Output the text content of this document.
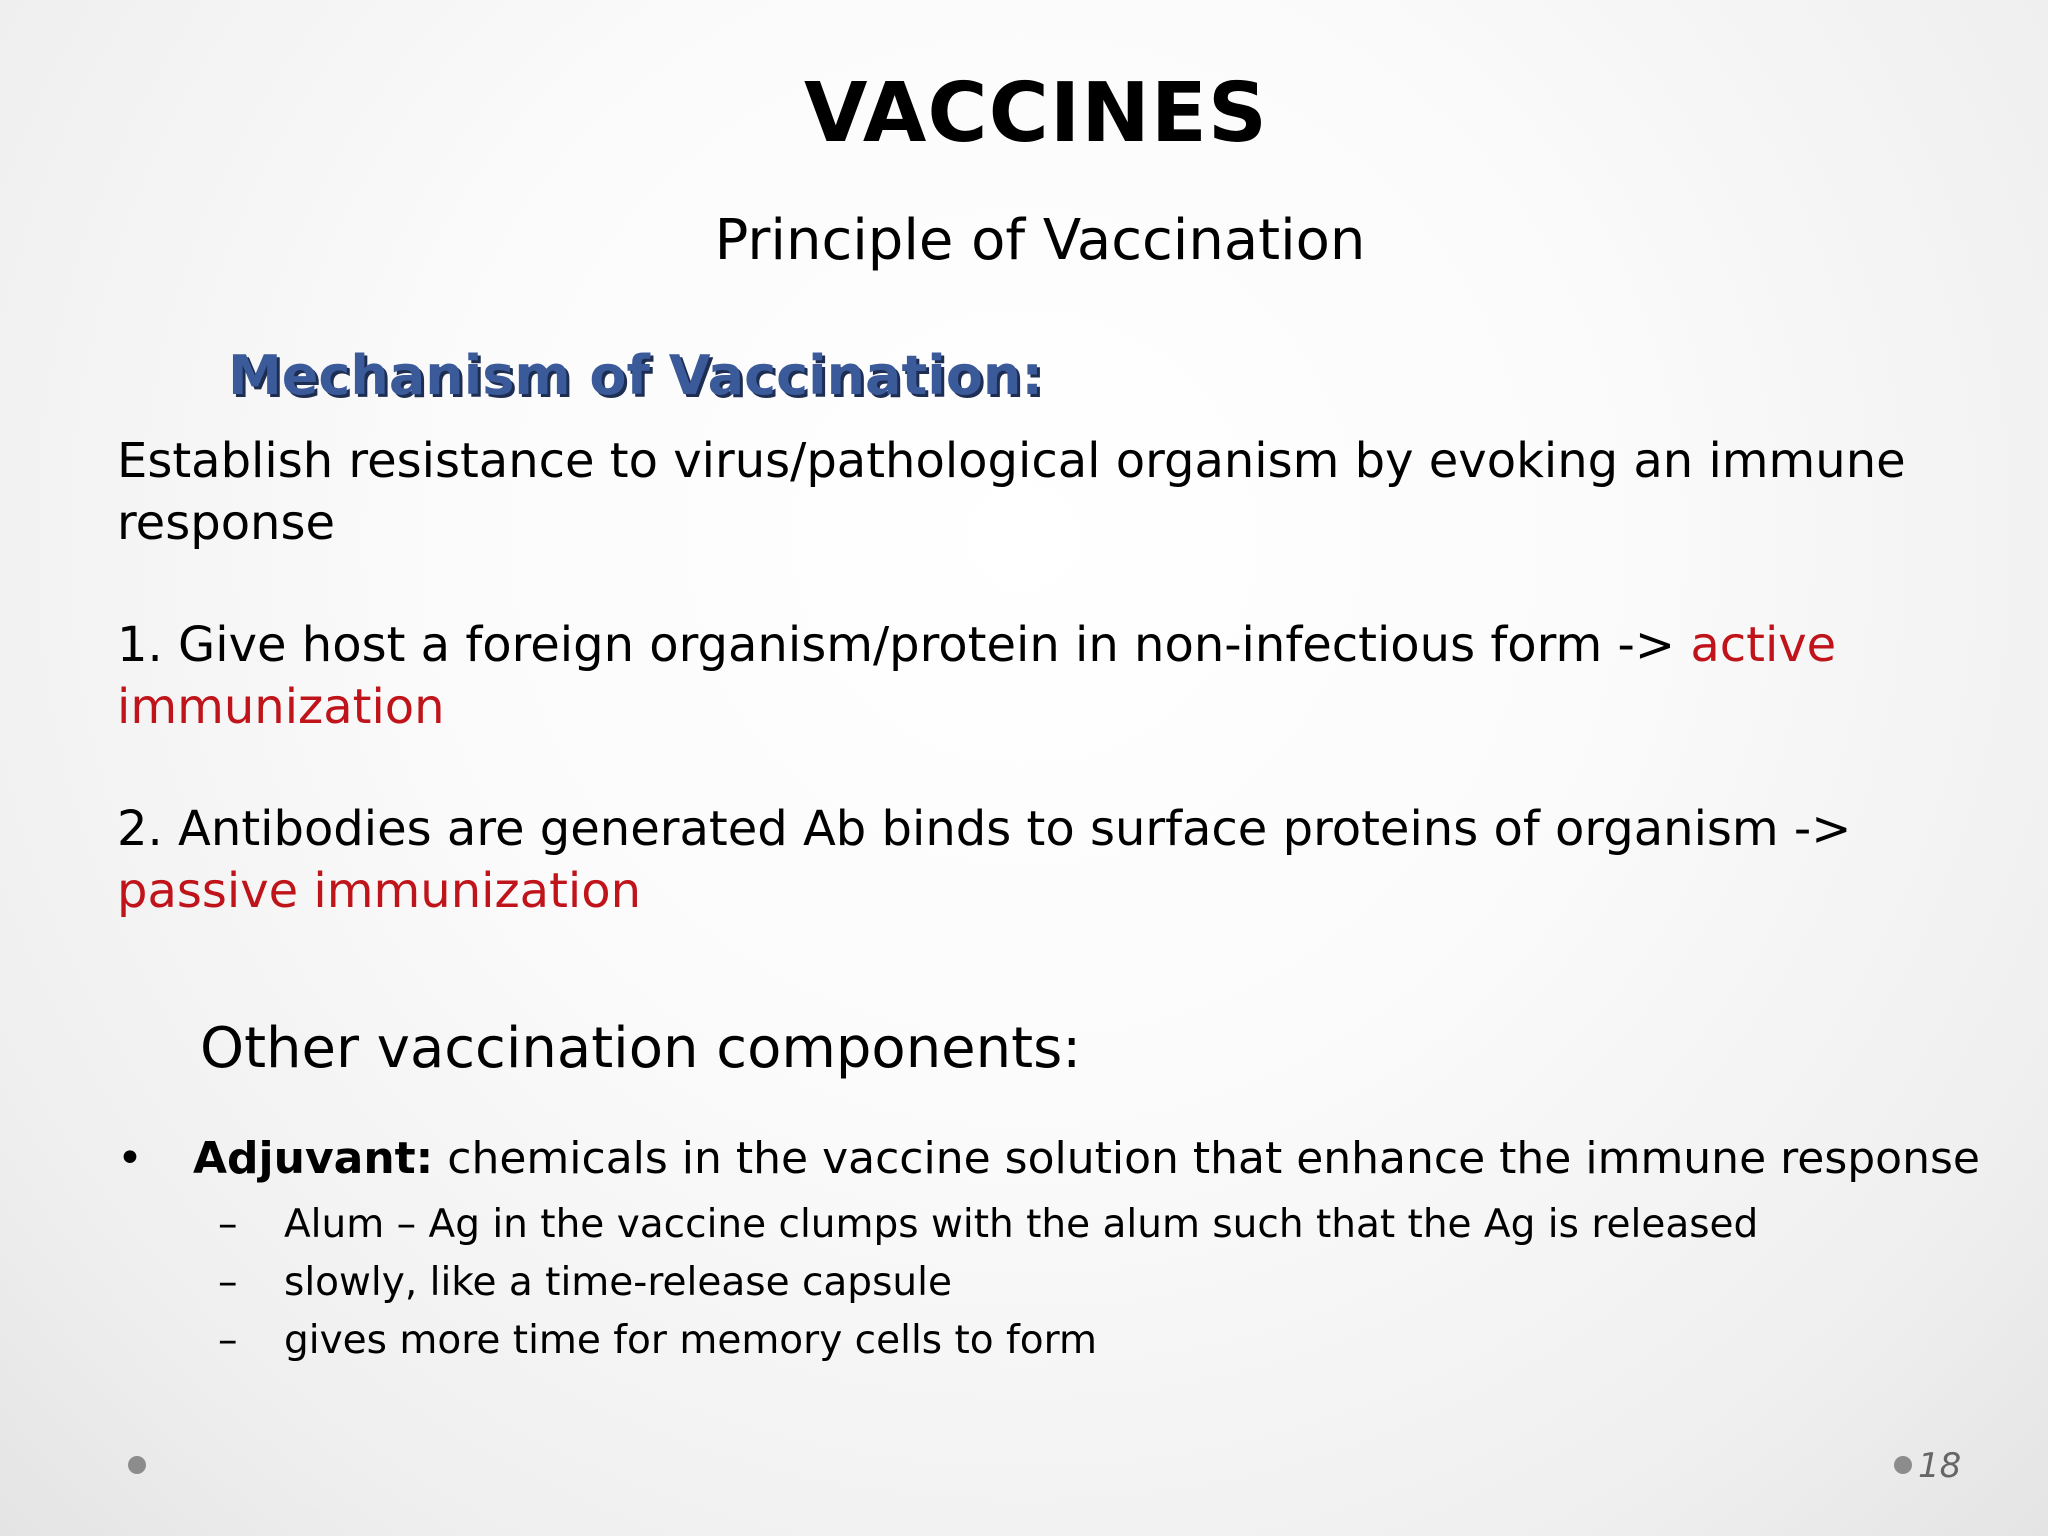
VACCINES
Principle of Vaccination
Mechanism of Vaccination:
Establish resistance to virus/pathological organism by evoking an immune response
1. Give host a foreign organism/protein in non-infectious form -> active immunization
2. Antibodies are generated Ab binds to surface proteins of organism -> passive immunization
Other vaccination components:
• Adjuvant: chemicals in the vaccine solution that enhance the immune response
– Alum – Ag in the vaccine clumps with the alum such that the Ag is released
– slowly, like a time-release capsule
– gives more time for memory cells to form
18
